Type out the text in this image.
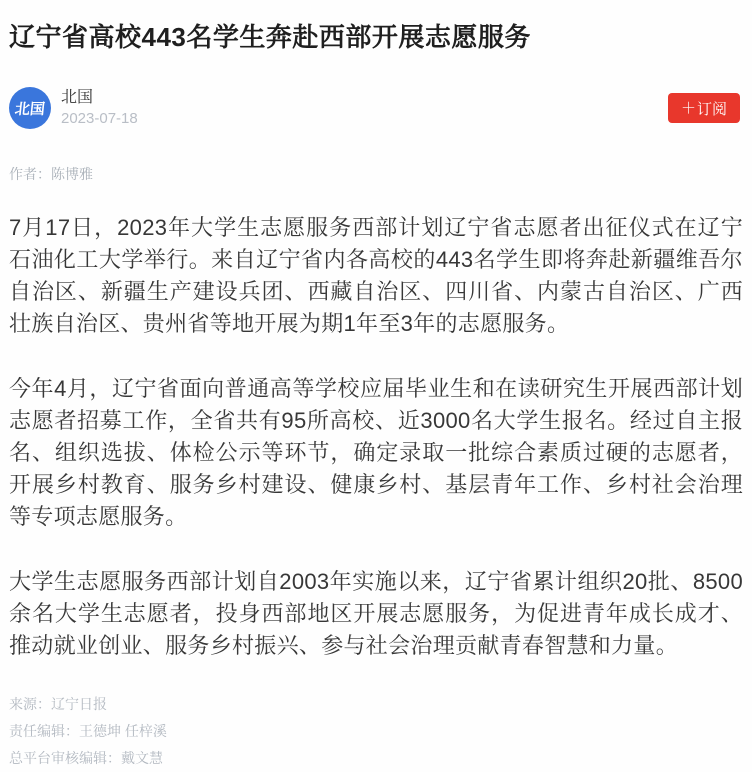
辽宁省高校443名学生奔赴西部开展志愿服务
北国
北国
2023-07-18
＋ 订阅
作者：陈博雅

7月17日，2023年大学生志愿服务西部计划辽宁省志愿者出征仪式在辽宁石油化工大学举行。来自辽宁省内各高校的443名学生即将奔赴新疆维吾尔自治区、新疆生产建设兵团、西藏自治区、四川省、内蒙古自治区、广西壮族自治区、贵州省等地开展为期1年至3年的志愿服务。

今年4月，辽宁省面向普通高等学校应届毕业生和在读研究生开展西部计划志愿者招募工作，全省共有95所高校、近3000名大学生报名。经过自主报名、组织选拔、体检公示等环节，确定录取一批综合素质过硬的志愿者，开展乡村教育、服务乡村建设、健康乡村、基层青年工作、乡村社会治理等专项志愿服务。

大学生志愿服务西部计划自2003年实施以来，辽宁省累计组织20批、8500余名大学生志愿者，投身西部地区开展志愿服务，为促进青年成长成才、推动就业创业、服务乡村振兴、参与社会治理贡献青春智慧和力量。

来源：辽宁日报
责任编辑：王德坤 任梓溪
总平台审核编辑：戴文慧
